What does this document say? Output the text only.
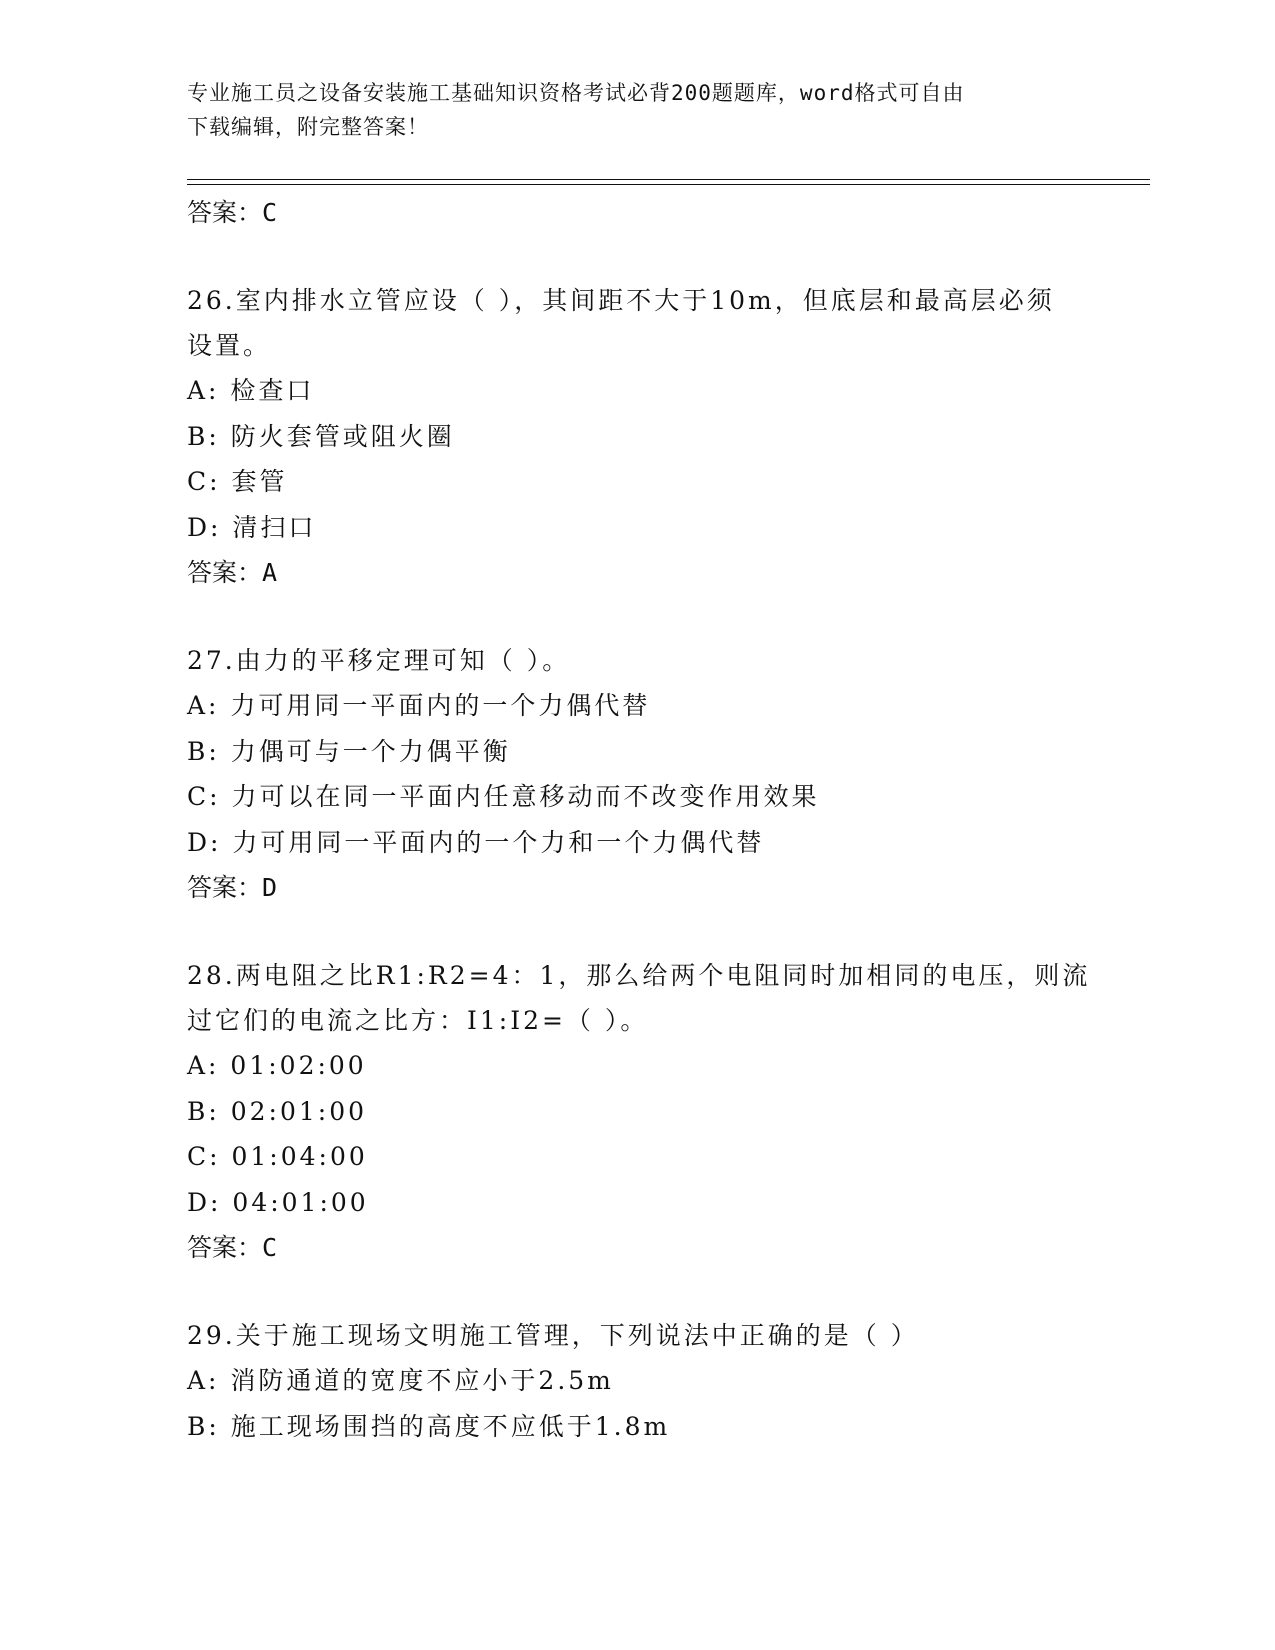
专业施工员之设备安装施工基础知识资格考试必背200题题库，word格式可自由
下载编辑，附完整答案！
答案：C
26.室内排水立管应设（ ），其间距不大于10m，但底层和最高层必须
设置。
A: 检查口
B: 防火套管或阻火圈
C: 套管
D: 清扫口
答案：A
27.由力的平移定理可知（ ）。
A: 力可用同一平面内的一个力偶代替
B: 力偶可与一个力偶平衡
C: 力可以在同一平面内任意移动而不改变作用效果
D: 力可用同一平面内的一个力和一个力偶代替
答案：D
28.两电阻之比R1:R2=4：1，那么给两个电阻同时加相同的电压，则流
过它们的电流之比方：I1:I2=（ ）。
A: 01:02:00
B: 02:01:00
C: 01:04:00
D: 04:01:00
答案：C
29.关于施工现场文明施工管理，下列说法中正确的是（ ）
A: 消防通道的宽度不应小于2.5m
B: 施工现场围挡的高度不应低于1.8m
